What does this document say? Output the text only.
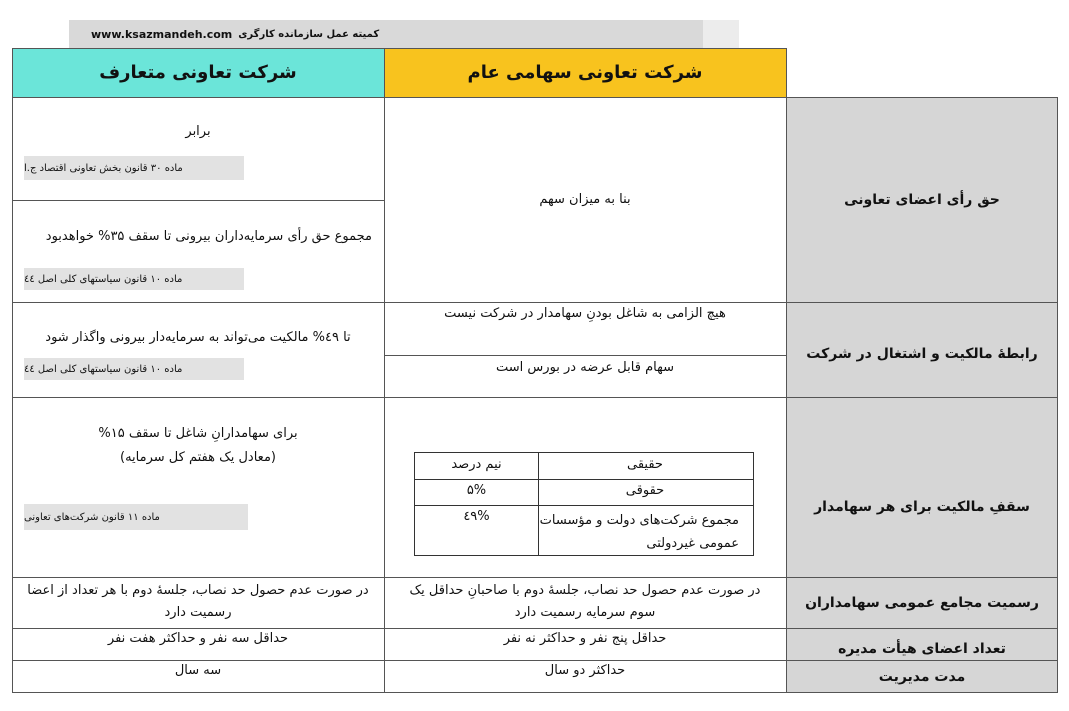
www.ksazmandeh.com کمیته عمل سازمانده کارگری
شرکت تعاونی متعارف	شرکت تعاونی سهامی عام
حق رأی اعضای تعاونی
رابطهٔ مالکیت و اشتغال در شرکت
سقفِ مالکیت برای هر سهامدار
رسمیت مجامع عمومی سهامداران
تعداد اعضای هیأت مدیره
مدت مدیریت
بنا به میزان سهم
برابر
ماده ۳۰ قانون بخش تعاونی اقتصاد ج.ا
مجموع حق رأی سرمایه‌داران بیرونی تا سقف ۳۵% خواهدبود
ماده ۱۰ قانون سیاستهای کلی اصل ٤٤
هیچ الزامی به شاغل بودنِ سهامدار در شرکت نیست
سهام قابل عرضه در بورس است
تا ٤۹% مالکیت می‌تواند به سرمایه‌دار بیرونی واگذار شود
ماده ۱۰ قانون سیاستهای کلی اصل ٤٤
برای سهامدارانِ شاغل تا سقف ۱۵%
(معادل یک هفتم کل سرمایه)
ماده ۱۱ قانون شرکت‌های تعاونی
حقیقی
نیم درصد
حقوقی
۵%
مجموع شرکت‌های دولت و مؤسسات عمومی غیردولتی
٤۹%
در صورت عدم حصول حد نصاب، جلسهٔ دوم با صاحبانِ حداقل یک سوم سرمایه رسمیت دارد
در صورت عدم حصول حد نصاب، جلسهٔ دوم با هر تعداد از اعضا رسمیت دارد
حداقل پنج نفر و حداکثر نه نفر
حداقل سه نفر و حداکثر هفت نفر
حداکثر دو سال
سه سال
